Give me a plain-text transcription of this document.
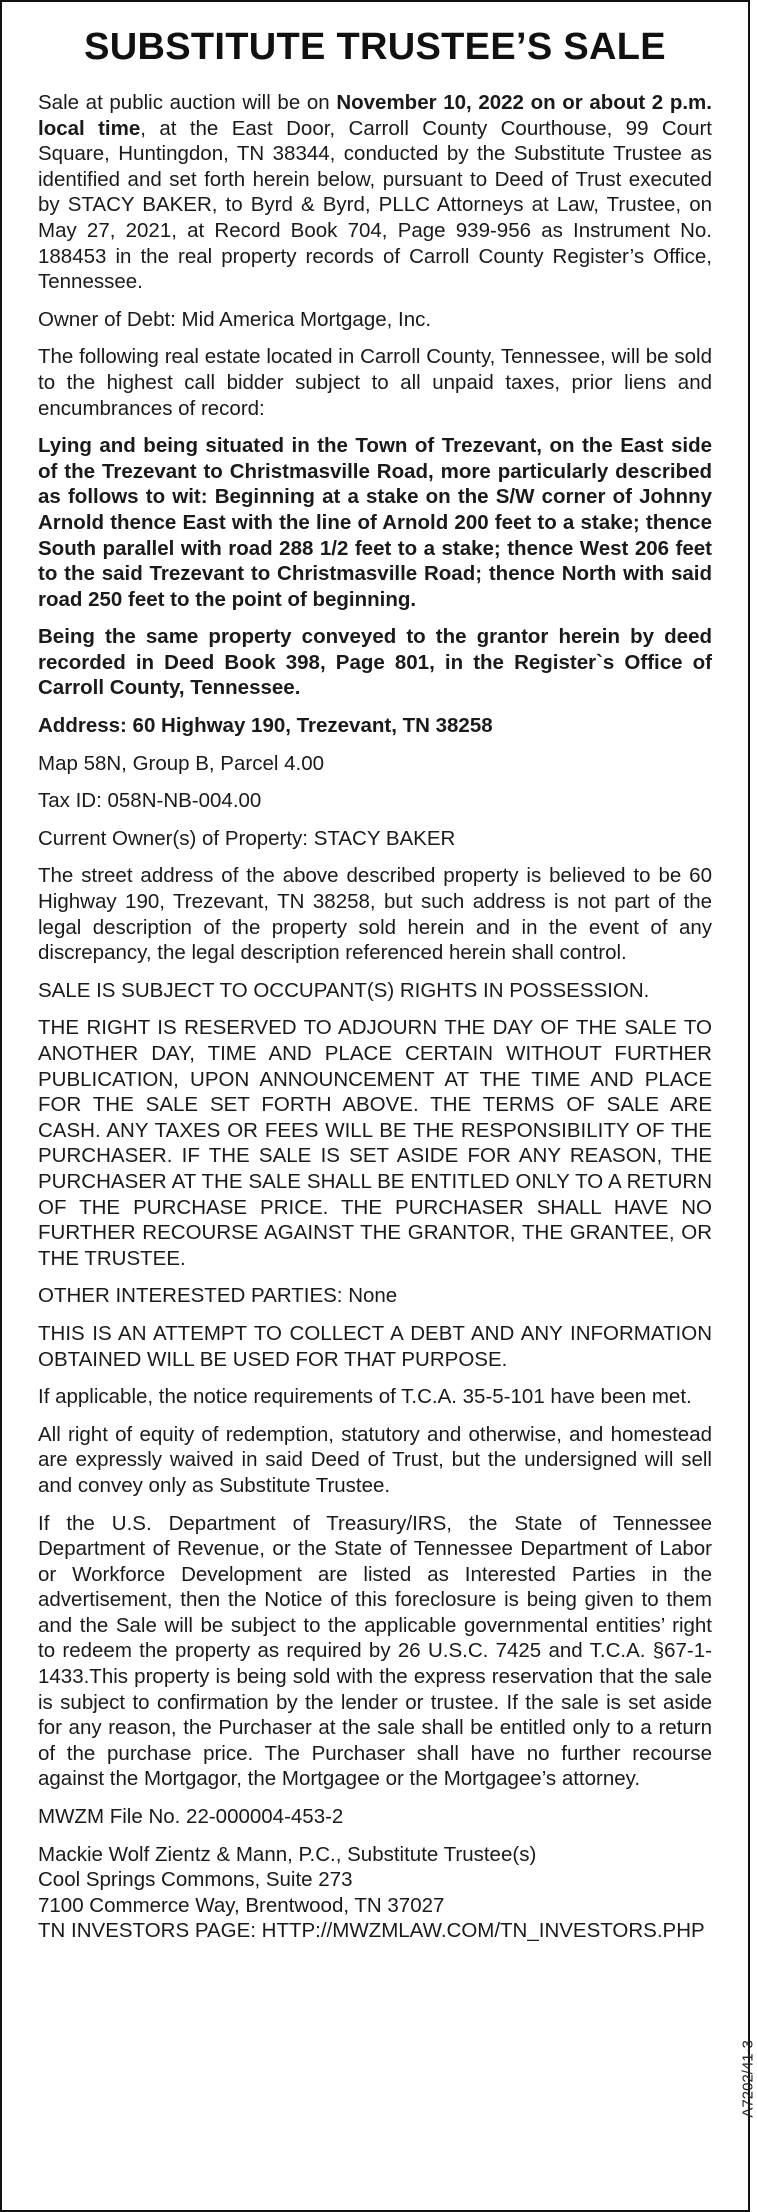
SUBSTITUTE TRUSTEE’S SALE

Sale at public auction will be on November 10, 2022 on or about 2 p.m. local time, at the East Door, Carroll County Courthouse, 99 Court Square, Huntingdon, TN 38344, conducted by the Substitute Trustee as identified and set forth herein below, pursuant to Deed of Trust executed by STACY BAKER, to Byrd & Byrd, PLLC Attorneys at Law, Trustee, on May 27, 2021, at Record Book 704, Page 939-956 as Instrument No. 188453 in the real property records of Carroll County Register’s Office, Tennessee.

Owner of Debt: Mid America Mortgage, Inc.

The following real estate located in Carroll County, Tennessee, will be sold to the highest call bidder subject to all unpaid taxes, prior liens and encumbrances of record:

Lying and being situated in the Town of Trezevant, on the East side of the Trezevant to Christmasville Road, more particularly described as follows to wit: Beginning at a stake on the S/W corner of Johnny Arnold thence East with the line of Arnold 200 feet to a stake; thence South parallel with road 288 1/2 feet to a stake; thence West 206 feet to the said Trezevant to Christmasville Road; thence North with said road 250 feet to the point of beginning.

Being the same property conveyed to the grantor herein by deed recorded in Deed Book 398, Page 801, in the Register`s Office of Carroll County, Tennessee.

Address: 60 Highway 190, Trezevant, TN 38258

Map 58N, Group B, Parcel 4.00

Tax ID: 058N-NB-004.00

Current Owner(s) of Property: STACY BAKER

The street address of the above described property is believed to be 60 Highway 190, Trezevant, TN 38258, but such address is not part of the legal description of the property sold herein and in the event of any discrepancy, the legal description referenced herein shall control.

SALE IS SUBJECT TO OCCUPANT(S) RIGHTS IN POSSESSION.

THE RIGHT IS RESERVED TO ADJOURN THE DAY OF THE SALE TO ANOTHER DAY, TIME AND PLACE CERTAIN WITHOUT FURTHER PUBLICATION, UPON ANNOUNCEMENT AT THE TIME AND PLACE FOR THE SALE SET FORTH ABOVE. THE TERMS OF SALE ARE CASH. ANY TAXES OR FEES WILL BE THE RESPONSIBILITY OF THE PURCHASER. IF THE SALE IS SET ASIDE FOR ANY REASON, THE PURCHASER AT THE SALE SHALL BE ENTITLED ONLY TO A RETURN OF THE PURCHASE PRICE. THE PURCHASER SHALL HAVE NO FURTHER RECOURSE AGAINST THE GRANTOR, THE GRANTEE, OR THE TRUSTEE.

OTHER INTERESTED PARTIES: None

THIS IS AN ATTEMPT TO COLLECT A DEBT AND ANY INFORMATION OBTAINED WILL BE USED FOR THAT PURPOSE.

If applicable, the notice requirements of T.C.A. 35-5-101 have been met.

All right of equity of redemption, statutory and otherwise, and homestead are expressly waived in said Deed of Trust, but the undersigned will sell and convey only as Substitute Trustee.

If the U.S. Department of Treasury/IRS, the State of Tennessee Department of Revenue, or the State of Tennessee Department of Labor or Workforce Development are listed as Interested Parties in the advertisement, then the Notice of this foreclosure is being given to them and the Sale will be subject to the applicable governmental entities’ right to redeem the property as required by 26 U.S.C. 7425 and T.C.A. §67-1-1433.This property is being sold with the express reservation that the sale is subject to confirmation by the lender or trustee. If the sale is set aside for any reason, the Purchaser at the sale shall be entitled only to a return of the purchase price. The Purchaser shall have no further recourse against the Mortgagor, the Mortgagee or the Mortgagee’s attorney.

MWZM File No. 22-000004-453-2

Mackie Wolf Zientz & Mann, P.C., Substitute Trustee(s)

Cool Springs Commons, Suite 273

7100 Commerce Way, Brentwood, TN 37027

TN INVESTORS PAGE: HTTP://MWZMLAW.COM/TN_INVESTORS.PHP

A7202/41-3
